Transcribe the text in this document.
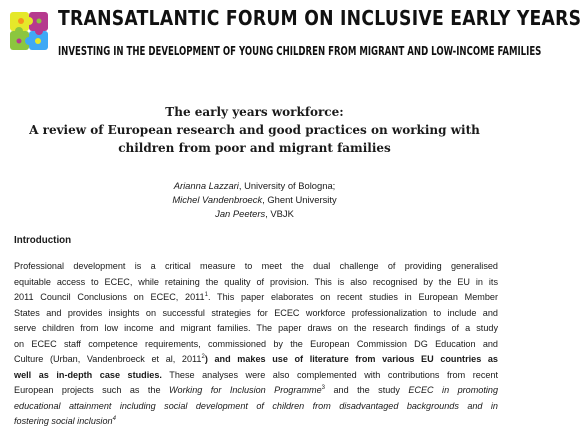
TRANSATLANTIC FORUM ON INCLUSIVE EARLY YEARS
INVESTING IN THE DEVELOPMENT OF YOUNG CHILDREN FROM MIGRANT AND LOW-INCOME FAMILIES
The early years workforce:
A review of European research and good practices on working with
children from poor and migrant families
Arianna Lazzari, University of Bologna;
Michel Vandenbroeck, Ghent University
Jan Peeters, VBJK
Introduction
Professional development is a critical measure to meet the dual challenge of providing generalised
equitable access to ECEC, while retaining the quality of provision. This is also recognised by the EU in its
2011 Council Conclusions on ECEC, 2011$^1$. This paper elaborates on recent studies in European Member
States and provides insights on successful strategies for ECEC workforce professionalization to include and
serve children from low income and migrant families. The paper draws on the research findings of a study
on ECEC staff competence requirements, commissioned by the European Commission DG Education and
Culture (Urban, Vandenbroeck et al, 2011$^2$) and makes use of literature from various EU countries as
well as in-depth case studies. These analyses were also complemented with contributions from recent
European projects such as the Working for Inclusion Programme$^3$ and the study ECEC in promoting
educational attainment including social development of children from disadvantaged backgrounds and in
fostering social inclusion$^4$
